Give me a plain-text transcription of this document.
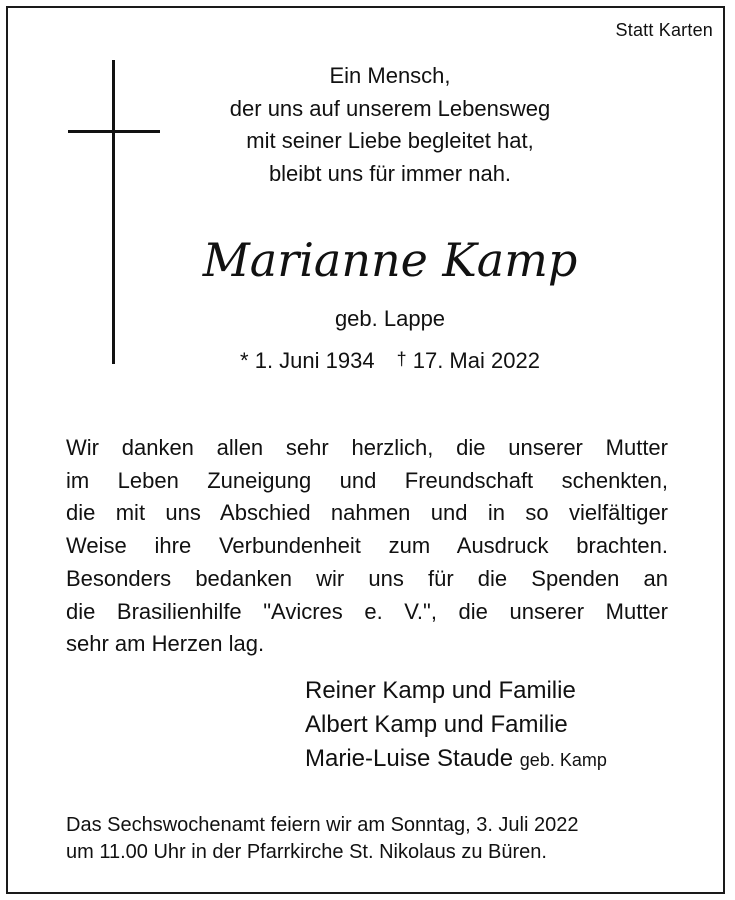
Statt Karten
Ein Mensch,
der uns auf unserem Lebensweg
mit seiner Liebe begleitet hat,
bleibt uns für immer nah.
Marianne Kamp
geb. Lappe
* 1. Juni 1934 † 17. Mai 2022
Wir danken allen sehr herzlich, die unserer Mutter
im Leben Zuneigung und Freundschaft schenkten,
die mit uns Abschied nahmen und in so vielfältiger
Weise ihre Verbundenheit zum Ausdruck brachten.
Besonders bedanken wir uns für die Spenden an
die Brasilienhilfe "Avicres e. V.", die unserer Mutter
sehr am Herzen lag.
Reiner Kamp und Familie
Albert Kamp und Familie
Marie-Luise Staude geb. Kamp
Das Sechswochenamt feiern wir am Sonntag, 3. Juli 2022
um 11.00 Uhr in der Pfarrkirche St. Nikolaus zu Büren.
